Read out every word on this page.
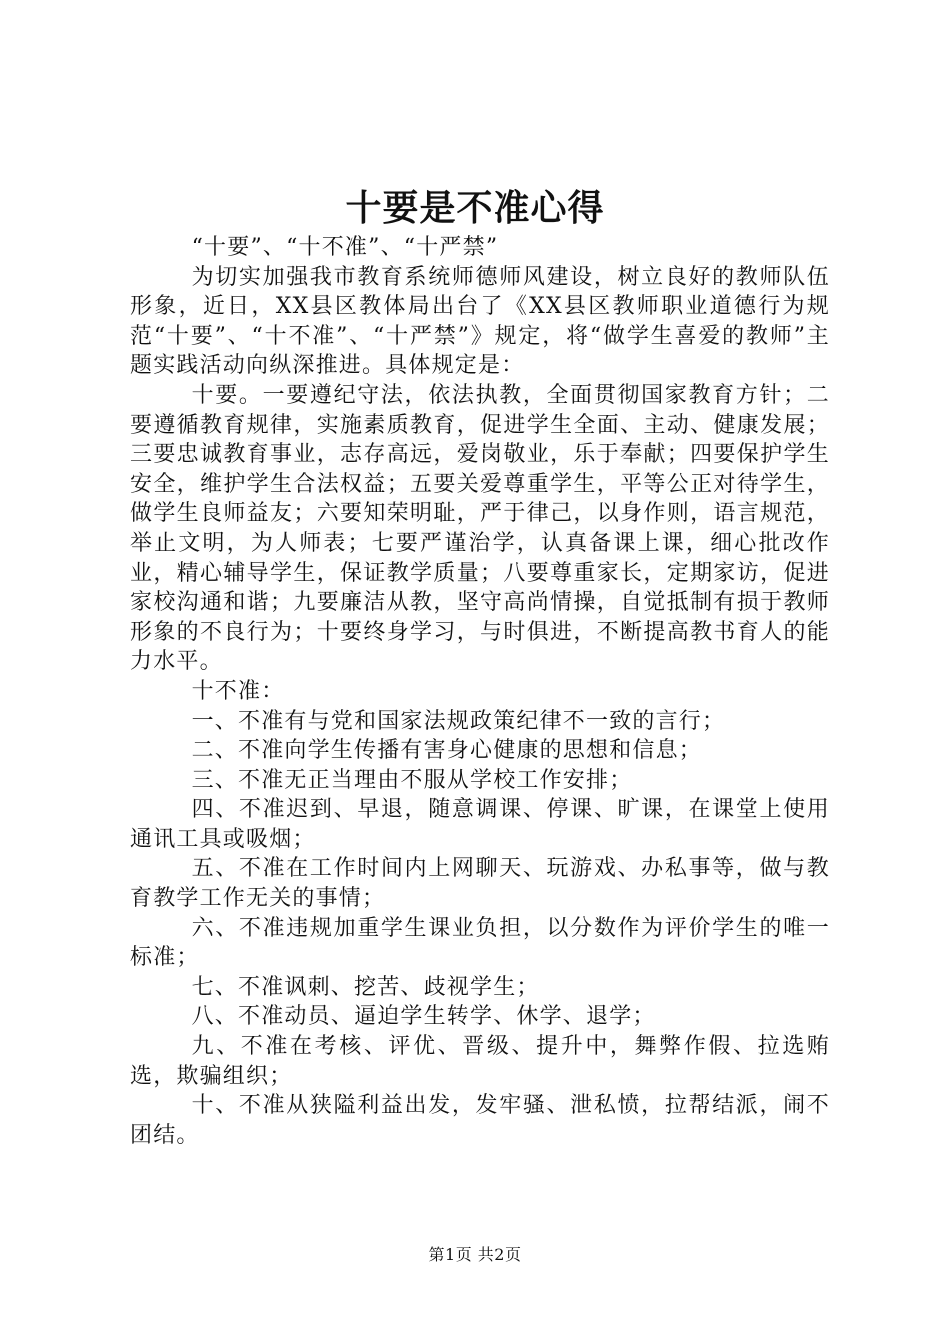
十要是不准心得

“十要”、“十不准”、“十严禁”

为切实加强我市教育系统师德师风建设，树立良好的教师队伍形象，近日，XX县区教体局出台了《XX县区教师职业道德行为规范“十要”、“十不准”、“十严禁”》规定，将“做学生喜爱的教师”主题实践活动向纵深推进。具体规定是：

十要。一要遵纪守法，依法执教，全面贯彻国家教育方针；二要遵循教育规律，实施素质教育，促进学生全面、主动、健康发展；三要忠诚教育事业，志存高远，爱岗敬业，乐于奉献；四要保护学生安全，维护学生合法权益；五要关爱尊重学生，平等公正对待学生，做学生良师益友；六要知荣明耻，严于律己，以身作则，语言规范，举止文明，为人师表；七要严谨治学，认真备课上课，细心批改作业，精心辅导学生，保证教学质量；八要尊重家长，定期家访，促进家校沟通和谐；九要廉洁从教，坚守高尚情操，自觉抵制有损于教师形象的不良行为；十要终身学习，与时俱进，不断提高教书育人的能力水平。

十不准：

一、不准有与党和国家法规政策纪律不一致的言行；

二、不准向学生传播有害身心健康的思想和信息；

三、不准无正当理由不服从学校工作安排；

四、不准迟到、早退，随意调课、停课、旷课，在课堂上使用通讯工具或吸烟；

五、不准在工作时间内上网聊天、玩游戏、办私事等，做与教育教学工作无关的事情；

六、不准违规加重学生课业负担，以分数作为评价学生的唯一标准；

七、不准讽刺、挖苦、歧视学生；

八、不准动员、逼迫学生转学、休学、退学；

九、不准在考核、评优、晋级、提升中，舞弊作假、拉选贿选，欺骗组织；

十、不准从狭隘利益出发，发牢骚、泄私愤，拉帮结派，闹不团结。

第1页 共2页
